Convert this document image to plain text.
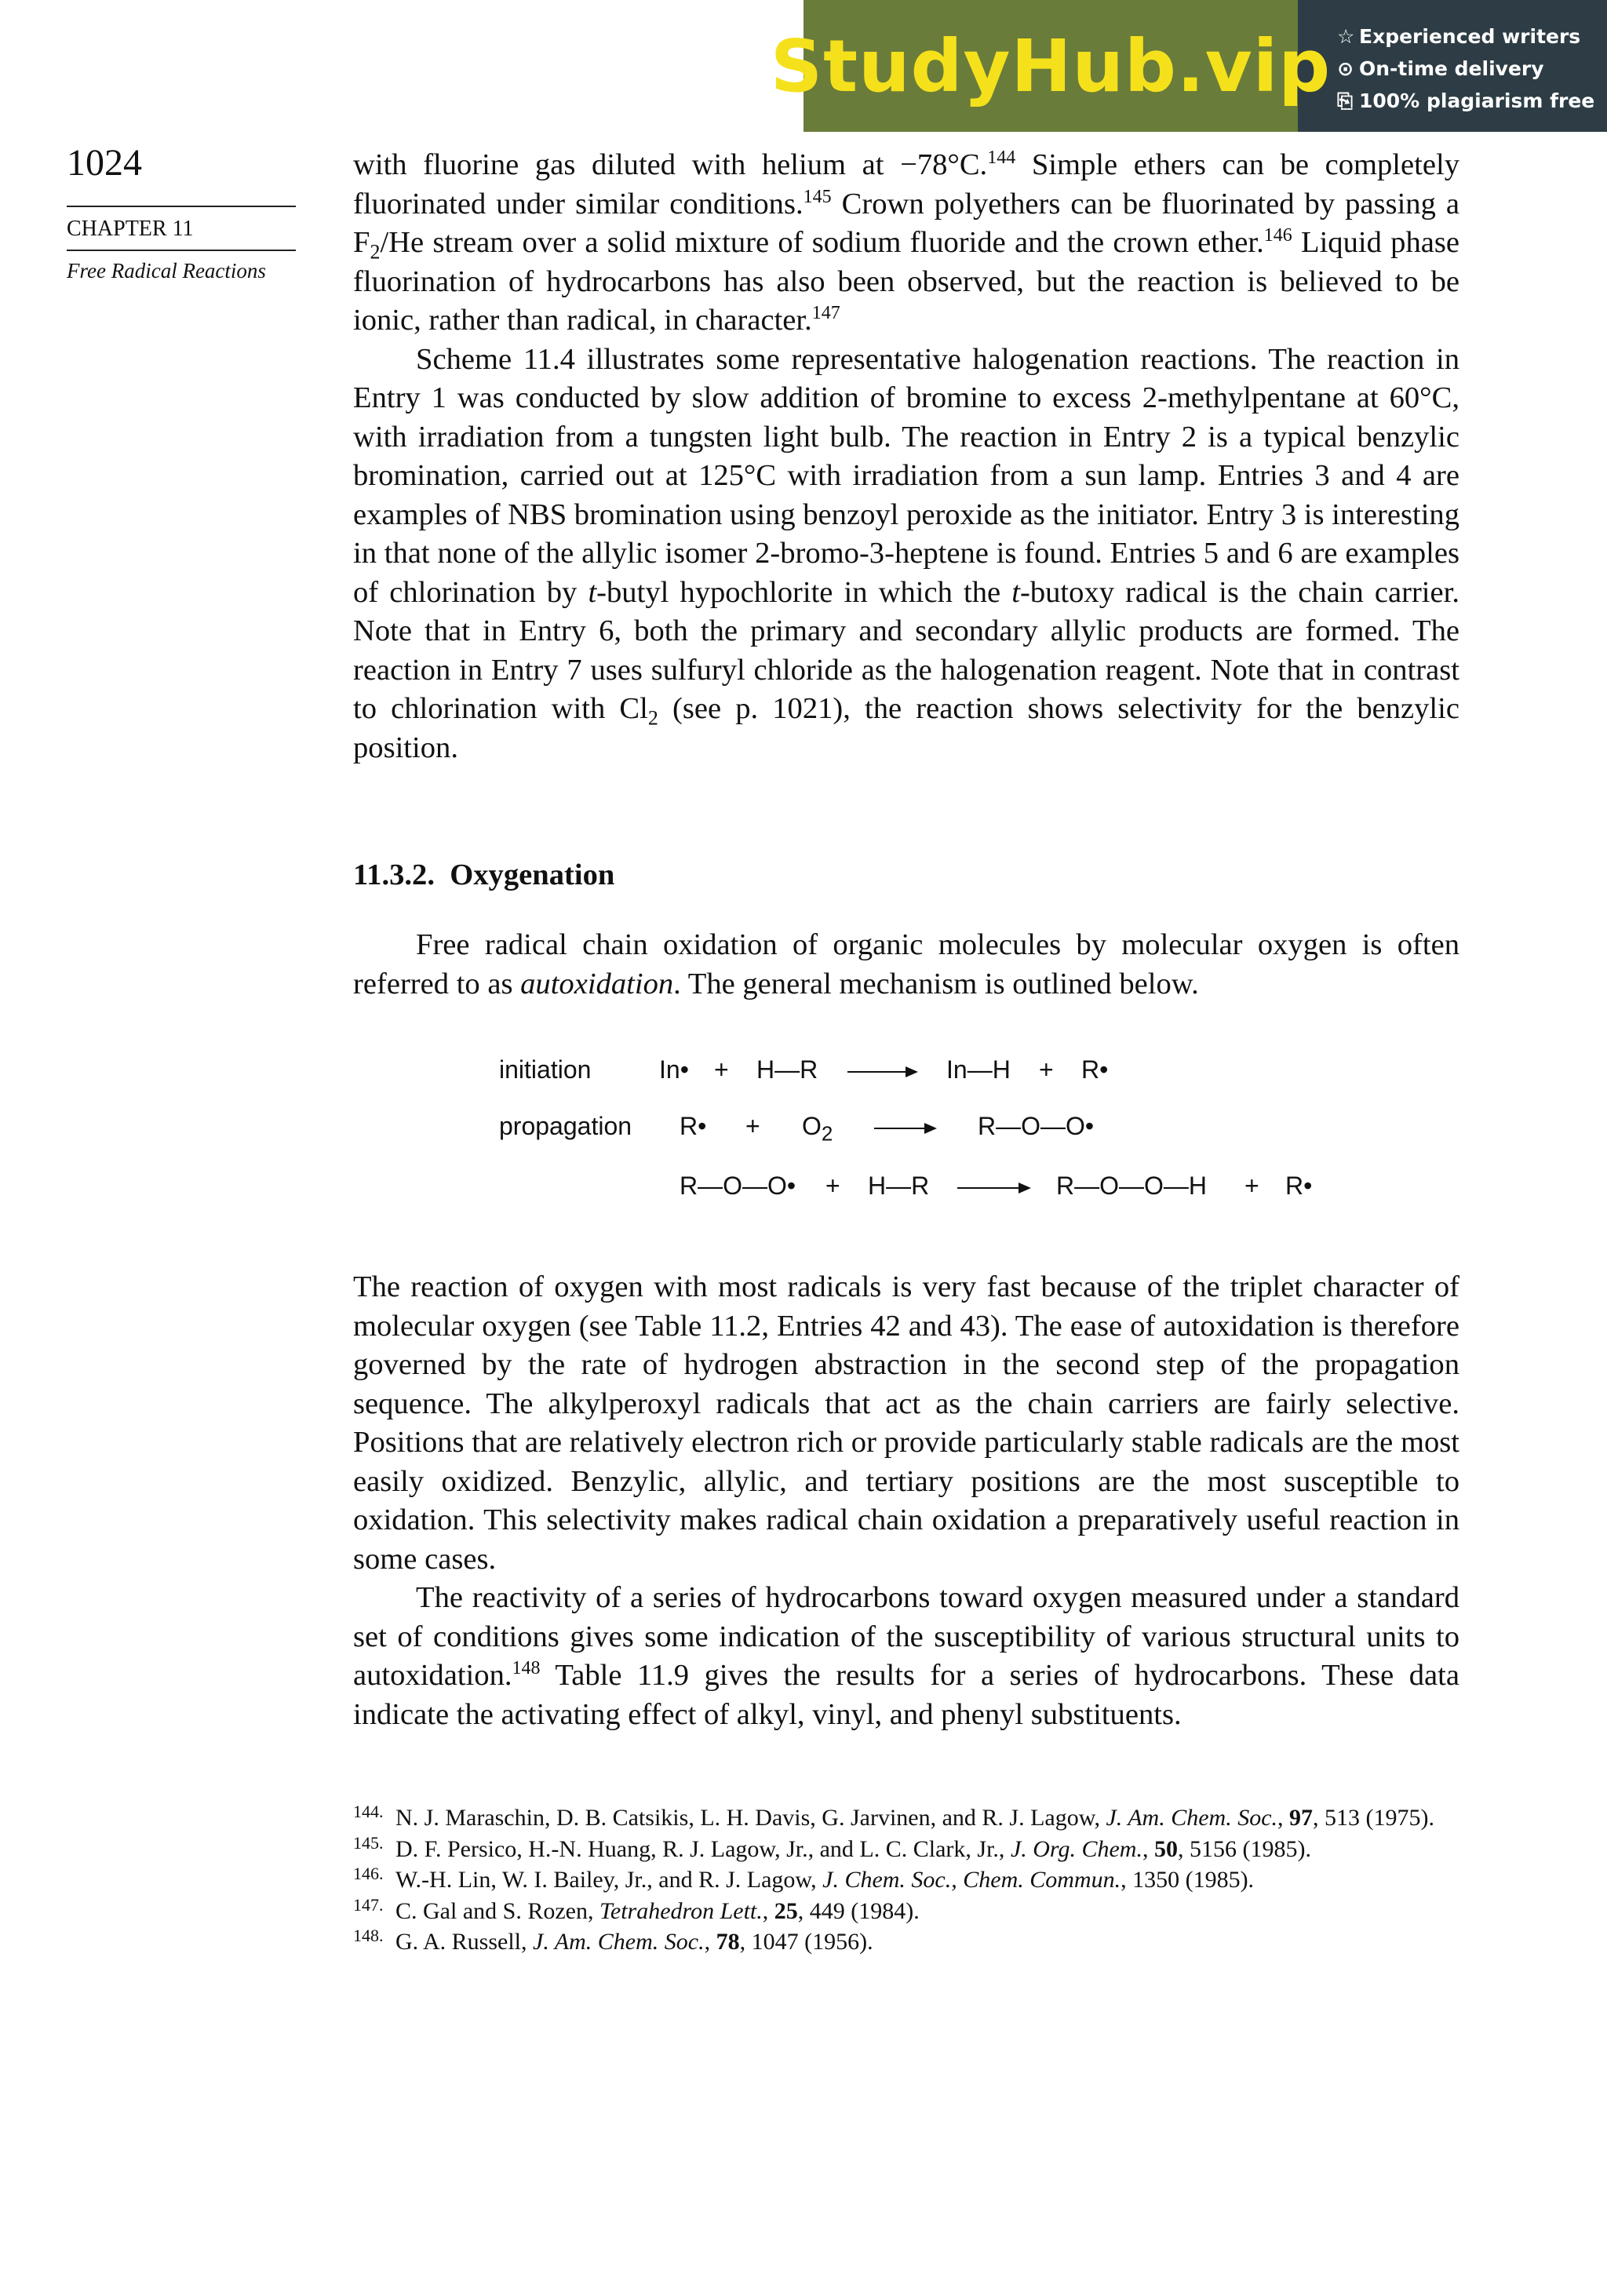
StudyHub.vip ☆ Experienced writers
⊙ On-time delivery
⎘ 100% plagiarism free
1024
CHAPTER 11
Free Radical Reactions

with fluorine gas diluted with helium at −78°C.$^{144}$ Simple ethers can be completely fluorinated under similar conditions.$^{145}$ Crown polyethers can be fluorinated by passing a $F_2/He$ stream over a solid mixture of sodium fluoride and the crown ether.$^{146}$ Liquid phase fluorination of hydrocarbons has also been observed, but the reaction is believed to be ionic, rather than radical, in character.$^{147}$

Scheme 11.4 illustrates some representative halogenation reactions. The reaction in Entry 1 was conducted by slow addition of bromine to excess 2-methylpentane at 60°C, with irradiation from a tungsten light bulb. The reaction in Entry 2 is a typical benzylic bromination, carried out at 125°C with irradiation from a sun lamp. Entries 3 and 4 are examples of NBS bromination using benzoyl peroxide as the initiator. Entry 3 is interesting in that none of the allylic isomer 2-bromo-3-heptene is found. Entries 5 and 6 are examples of chlorination by t-butyl hypochlorite in which the t-butoxy radical is the chain carrier. Note that in Entry 6, both the primary and secondary allylic products are formed. The reaction in Entry 7 uses sulfuryl chloride as the halogenation reagent. Note that in contrast to chlorination with $Cl_2$ (see p. 1021), the reaction shows selectivity for the benzylic position.

11.3.2. Oxygenation

Free radical chain oxidation of organic molecules by molecular oxygen is often referred to as autoxidation. The general mechanism is outlined below.

initiation	In• + H—R → In—H + R•
propagation R• + $O_2$	R—O—O•
R—O—O• + H—R → R—O—O—H + R•

The reaction of oxygen with most radicals is very fast because of the triplet character of molecular oxygen (see Table 11.2, Entries 42 and 43). The ease of autoxidation is therefore governed by the rate of hydrogen abstraction in the second step of the propagation sequence. The alkylperoxyl radicals that act as the chain carriers are fairly selective. Positions that are relatively electron rich or provide particularly stable radicals are the most easily oxidized. Benzylic, allylic, and tertiary positions are the most susceptible to oxidation. This selectivity makes radical chain oxidation a preparatively useful reaction in some cases.

The reactivity of a series of hydrocarbons toward oxygen measured under a standard set of conditions gives some indication of the susceptibility of various structural units to autoxidation.$^{148}$ Table 11.9 gives the results for a series of hydrocarbons. These data indicate the activating effect of alkyl, vinyl, and phenyl substituents.

144. N. J. Maraschin, D. B. Catsikis, L. H. Davis, G. Jarvinen, and R. J. Lagow, J. Am. Chem. Soc., 97, 513 (1975).
145. D. F. Persico, H.-N. Huang, R. J. Lagow, Jr., and L. C. Clark, Jr., J. Org. Chem., 50, 5156 (1985).
146. W.-H. Lin, W. I. Bailey, Jr., and R. J. Lagow, J. Chem. Soc., Chem. Commun., 1350 (1985).
147. C. Gal and S. Rozen, Tetrahedron Lett., 25, 449 (1984).
148. G. A. Russell, J. Am. Chem. Soc., 78, 1047 (1956).
